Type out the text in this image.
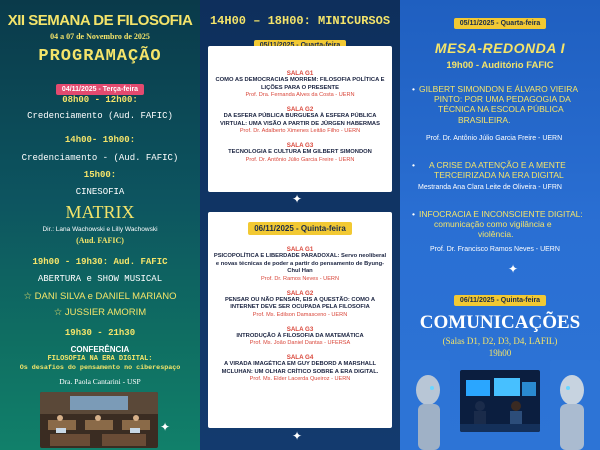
XII SEMANA DE FILOSOFIA
04 a 07 de Novembro de 2025
PROGRAMAÇÃO
04/11/2025 - Terça-feira
08h00 - 12h00:
Credenciamento (Aud. FAFIC)
14h00- 19h00:
Credenciamento - (Aud. FAFIC)
15h00:
CINESOFIA
MATRIX
Dir.: Lana Wachowski e Lilly Wachowski
(Aud. FAFIC)
19h00 - 19h30: Aud. FAFIC
ABERTURA e SHOW MUSICAL
☆ DANI SILVA e DANIEL MARIANO
☆ JUSSIER AMORIM
19h30 - 21h30
CONFERÊNCIA
FILOSOFIA NA ERA DIGITAL:
Os desafios do pensamento no ciberespaço
Dra. Paola Cantarini - USP
✦
14H00 – 18H00: MINICURSOS
SALA G1
COMO AS DEMOCRACIAS MORREM: FILOSOFIA POLÍTICA E LIÇÕES PARA O PRESENTE
Prof. Dra. Fernanda Alves da Costa - UERN
SALA G2
DA ESFERA PÚBLICA BURGUESA À ESFERA PÚBLICA VIRTUAL: UMA VISÃO A PARTIR DE JÜRGEN HABERMAS
Prof. Dr. Adalberto Ximenes Leitão Filho - UERN
SALA G3
TECNOLOGIA E CULTURA EM GILBERT SIMONDON
Prof. Dr. Antônio Júlio Garcia Freire - UERN
✦
06/11/2025 - Quinta-feira
SALA G1
PSICOPOLÍTICA E LIBERDADE PARADOXAL: Servo neoliberal e novas técnicas de poder a partir do pensamento de Byung-Chul Han
Prof. Dr. Ramos Neves - UERN
SALA G2
PENSAR OU NÃO PENSAR, EIS A QUESTÃO: COMO A INTERNET DEVE SER OCUPADA PELA FILOSOFIA
Prof. Ms. Edilson Damasceno - UERN
SALA G3
INTRODUÇÃO À FILOSOFIA DA MATEMÁTICA
Prof. Ms. João Daniel Dantas - UFERSA
SALA G4
A VIRADA IMAGÉTICA EM GUY DEBORD A MARSHALL MCLUHAN: UM OLHAR CRÍTICO SOBRE A ERA DIGITAL.
Prof. Ms. Elder Lacerda Queiroz - UERN
✦
05/11/2025 - Quarta-feira
MESA-REDONDA I
19h00 - Auditório FAFIC
• GILBERT SIMONDON E ÁLVARO VIEIRA
PINTO: POR UMA PEDAGOGIA DA
TÉCNICA NA ESCOLA PÚBLICA
BRASILEIRA.
Prof. Dr. Antônio Júlio Garcia Freire - UERN
• A CRISE DA ATENÇÃO E A MENTE
TERCEIRIZADA NA ERA DIGITAL
Mestranda Ana Clara Leite de Oliveira - UFRN
• INFOCRACIA E INCONSCIENTE DIGITAL:
comunicação como vigilância e
violência.
Prof. Dr. Francisco Ramos Neves - UERN
✦
06/11/2025 - Quinta-feira
COMUNICAÇÕES
(Salas D1, D2, D3, D4, LAFIL)
19h00
